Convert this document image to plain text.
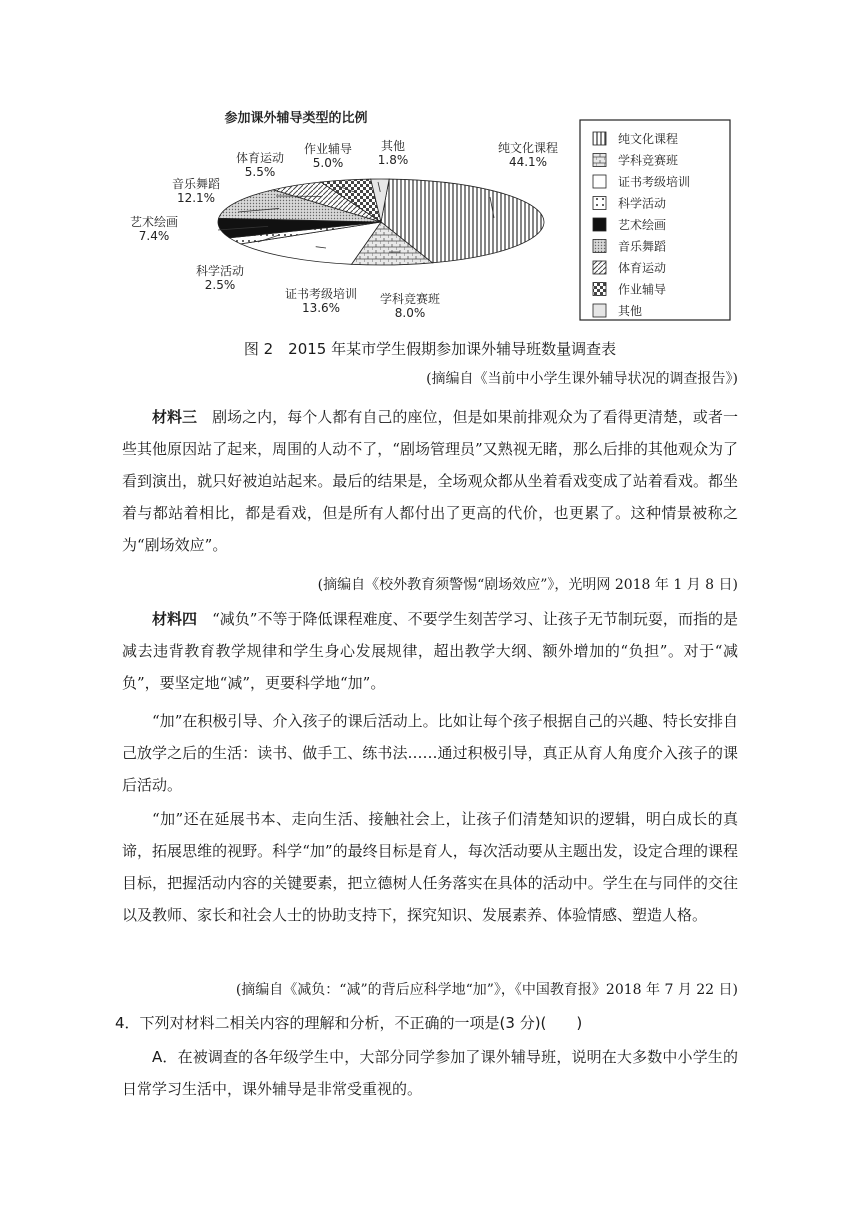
参加课外辅导类型的比例
纯文化课程
44.1%
学科竞赛班
8.0%
证书考级培训
13.6%
科学活动
2.5%
艺术绘画
7.4%
音乐舞蹈
12.1%
体育运动
5.5%
作业辅导
5.0%
其他
1.8%
纯文化课程
学科竞赛班
证书考级培训
科学活动
艺术绘画
音乐舞蹈
体育运动
作业辅导
其他
图 2　2015 年某市学生假期参加课外辅导班数量调查表
(摘编自《当前中小学生课外辅导状况的调查报告》)
材料三　 剧场之内，每个人都有自己的座位，但是如果前排观众为了看得更清楚，或者一些其他原因站了起来，周围的人动不了，“剧场管理员”又熟视无睹，那么后排的其他观众为了看到演出，就只好被迫站起来。最后的结果是，全场观众都从坐着看戏变成了站着看戏。都坐着与都站着相比，都是看戏，但是所有人都付出了更高的代价，也更累了。这种情景被称之为“剧场效应”。
(摘编自《校外教育须警惕“剧场效应”》，光明网 2018 年 1 月 8 日)
材料四　 “减负”不等于降低课程难度、不要学生刻苦学习、让孩子无节制玩耍，而指的是减去违背教育教学规律和学生身心发展规律，超出教学大纲、额外增加的“负担”。对于“减负”，要坚定地“减”，更要科学地“加”。
“加”在积极引导、介入孩子的课后活动上。比如让每个孩子根据自己的兴趣、特长安排自己放学之后的生活：读书、做手工、练书法……通过积极引导，真正从育人角度介入孩子的课后活动。
“加”还在延展书本、走向生活、接触社会上，让孩子们清楚知识的逻辑，明白成长的真谛，拓展思维的视野。科学“加”的最终目标是育人，每次活动要从主题出发，设定合理的课程目标，把握活动内容的关键要素，把立德树人任务落实在具体的活动中。学生在与同伴的交往以及教师、家长和社会人士的协助支持下，探究知识、发展素养、体验情感、塑造人格。
(摘编自《减负：“减”的背后应科学地“加”》，《中国教育报》2018 年 7 月 22 日)
4．下列对材料二相关内容的理解和分析，不正确的一项是(3 分)(　　)
A．在被调查的各年级学生中，大部分同学参加了课外辅导班，说明在大多数中小学生的日常学习生活中，课外辅导是非常受重视的。
